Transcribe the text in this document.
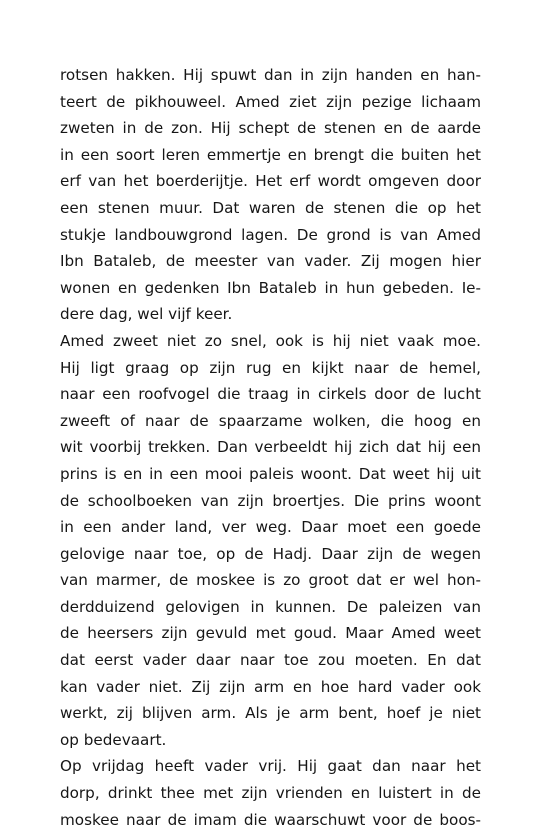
rotsen hakken. Hij spuwt dan in zijn handen en han-
teert de pikhouweel. Amed ziet zijn pezige lichaam
zweten in de zon. Hij schept de stenen en de aarde
in een soort leren emmertje en brengt die buiten het
erf van het boerderijtje. Het erf wordt omgeven door
een stenen muur. Dat waren de stenen die op het
stukje landbouwgrond lagen. De grond is van Amed
Ibn Bataleb, de meester van vader. Zij mogen hier
wonen en gedenken Ibn Bataleb in hun gebeden. Ie-
dere dag, wel vijf keer.
Amed zweet niet zo snel, ook is hij niet vaak moe.
Hij ligt graag op zijn rug en kijkt naar de hemel,
naar een roofvogel die traag in cirkels door de lucht
zweeft of naar de spaarzame wolken, die hoog en
wit voorbij trekken. Dan verbeeldt hij zich dat hij een
prins is en in een mooi paleis woont. Dat weet hij uit
de schoolboeken van zijn broertjes. Die prins woont
in een ander land, ver weg. Daar moet een goede
gelovige naar toe, op de Hadj. Daar zijn de wegen
van marmer, de moskee is zo groot dat er wel hon-
derdduizend gelovigen in kunnen. De paleizen van
de heersers zijn gevuld met goud. Maar Amed weet
dat eerst vader daar naar toe zou moeten. En dat
kan vader niet. Zij zijn arm en hoe hard vader ook
werkt, zij blijven arm. Als je arm bent, hoef je niet
op bedevaart.
Op vrijdag heeft vader vrij. Hij gaat dan naar het
dorp, drinkt thee met zijn vrienden en luistert in de
moskee naar de imam die waarschuwt voor de boos-
